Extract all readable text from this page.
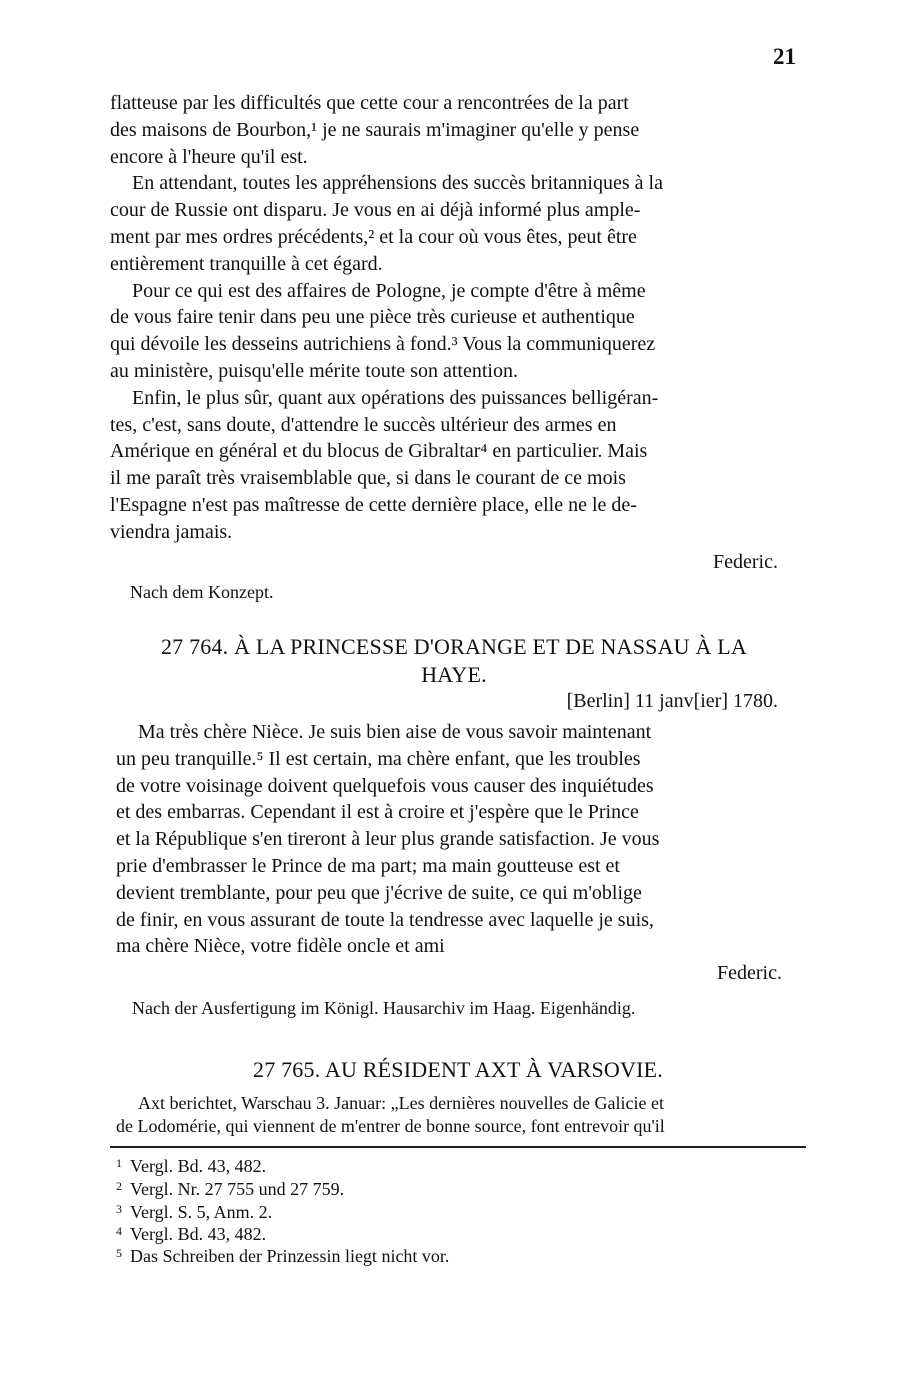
21

flatteuse par les difficultés que cette cour a rencontrées de la part

des maisons de Bourbon,¹ je ne saurais m'imaginer qu'elle y pense

encore à l'heure qu'il est.

En attendant, toutes les appréhensions des succès britanniques à la

cour de Russie ont disparu. Je vous en ai déjà informé plus ample-

ment par mes ordres précédents,² et la cour où vous êtes, peut être

entièrement tranquille à cet égard.

Pour ce qui est des affaires de Pologne, je compte d'être à même

de vous faire tenir dans peu une pièce très curieuse et authentique

qui dévoile les desseins autrichiens à fond.³ Vous la communiquerez

au ministère, puisqu'elle mérite toute son attention.

Enfin, le plus sûr, quant aux opérations des puissances belligéran-

tes, c'est, sans doute, d'attendre le succès ultérieur des armes en

Amérique en général et du blocus de Gibraltar⁴ en particulier. Mais

il me paraît très vraisemblable que, si dans le courant de ce mois

l'Espagne n'est pas maîtresse de cette dernière place, elle ne le de-

viendra jamais.

Federic.
Nach dem Konzept.
27 764. À LA PRINCESSE D'ORANGE ET DE NASSAU À LA
HAYE.
[Berlin] 11 janv[ier] 1780.

Ma très chère Nièce. Je suis bien aise de vous savoir maintenant

un peu tranquille.⁵ Il est certain, ma chère enfant, que les troubles

de votre voisinage doivent quelquefois vous causer des inquiétudes

et des embarras. Cependant il est à croire et j'espère que le Prince

et la République s'en tireront à leur plus grande satisfaction. Je vous

prie d'embrasser le Prince de ma part; ma main goutteuse est et

devient tremblante, pour peu que j'écrive de suite, ce qui m'oblige

de finir, en vous assurant de toute la tendresse avec laquelle je suis,

ma chère Nièce, votre fidèle oncle et ami

Federic.
Nach der Ausfertigung im Königl. Hausarchiv im Haag. Eigenhändig.
27 765. AU RÉSIDENT AXT À VARSOVIE.

Axt berichtet, Warschau 3. Januar: „Les dernières nouvelles de Galicie et

de Lodomérie, qui viennent de m'entrer de bonne source, font entrevoir qu'il

1 Vergl. Bd. 43, 482.
2 Vergl. Nr. 27 755 und 27 759.
3 Vergl. S. 5, Anm. 2.
4 Vergl. Bd. 43, 482.
5 Das Schreiben der Prinzessin liegt nicht vor.
